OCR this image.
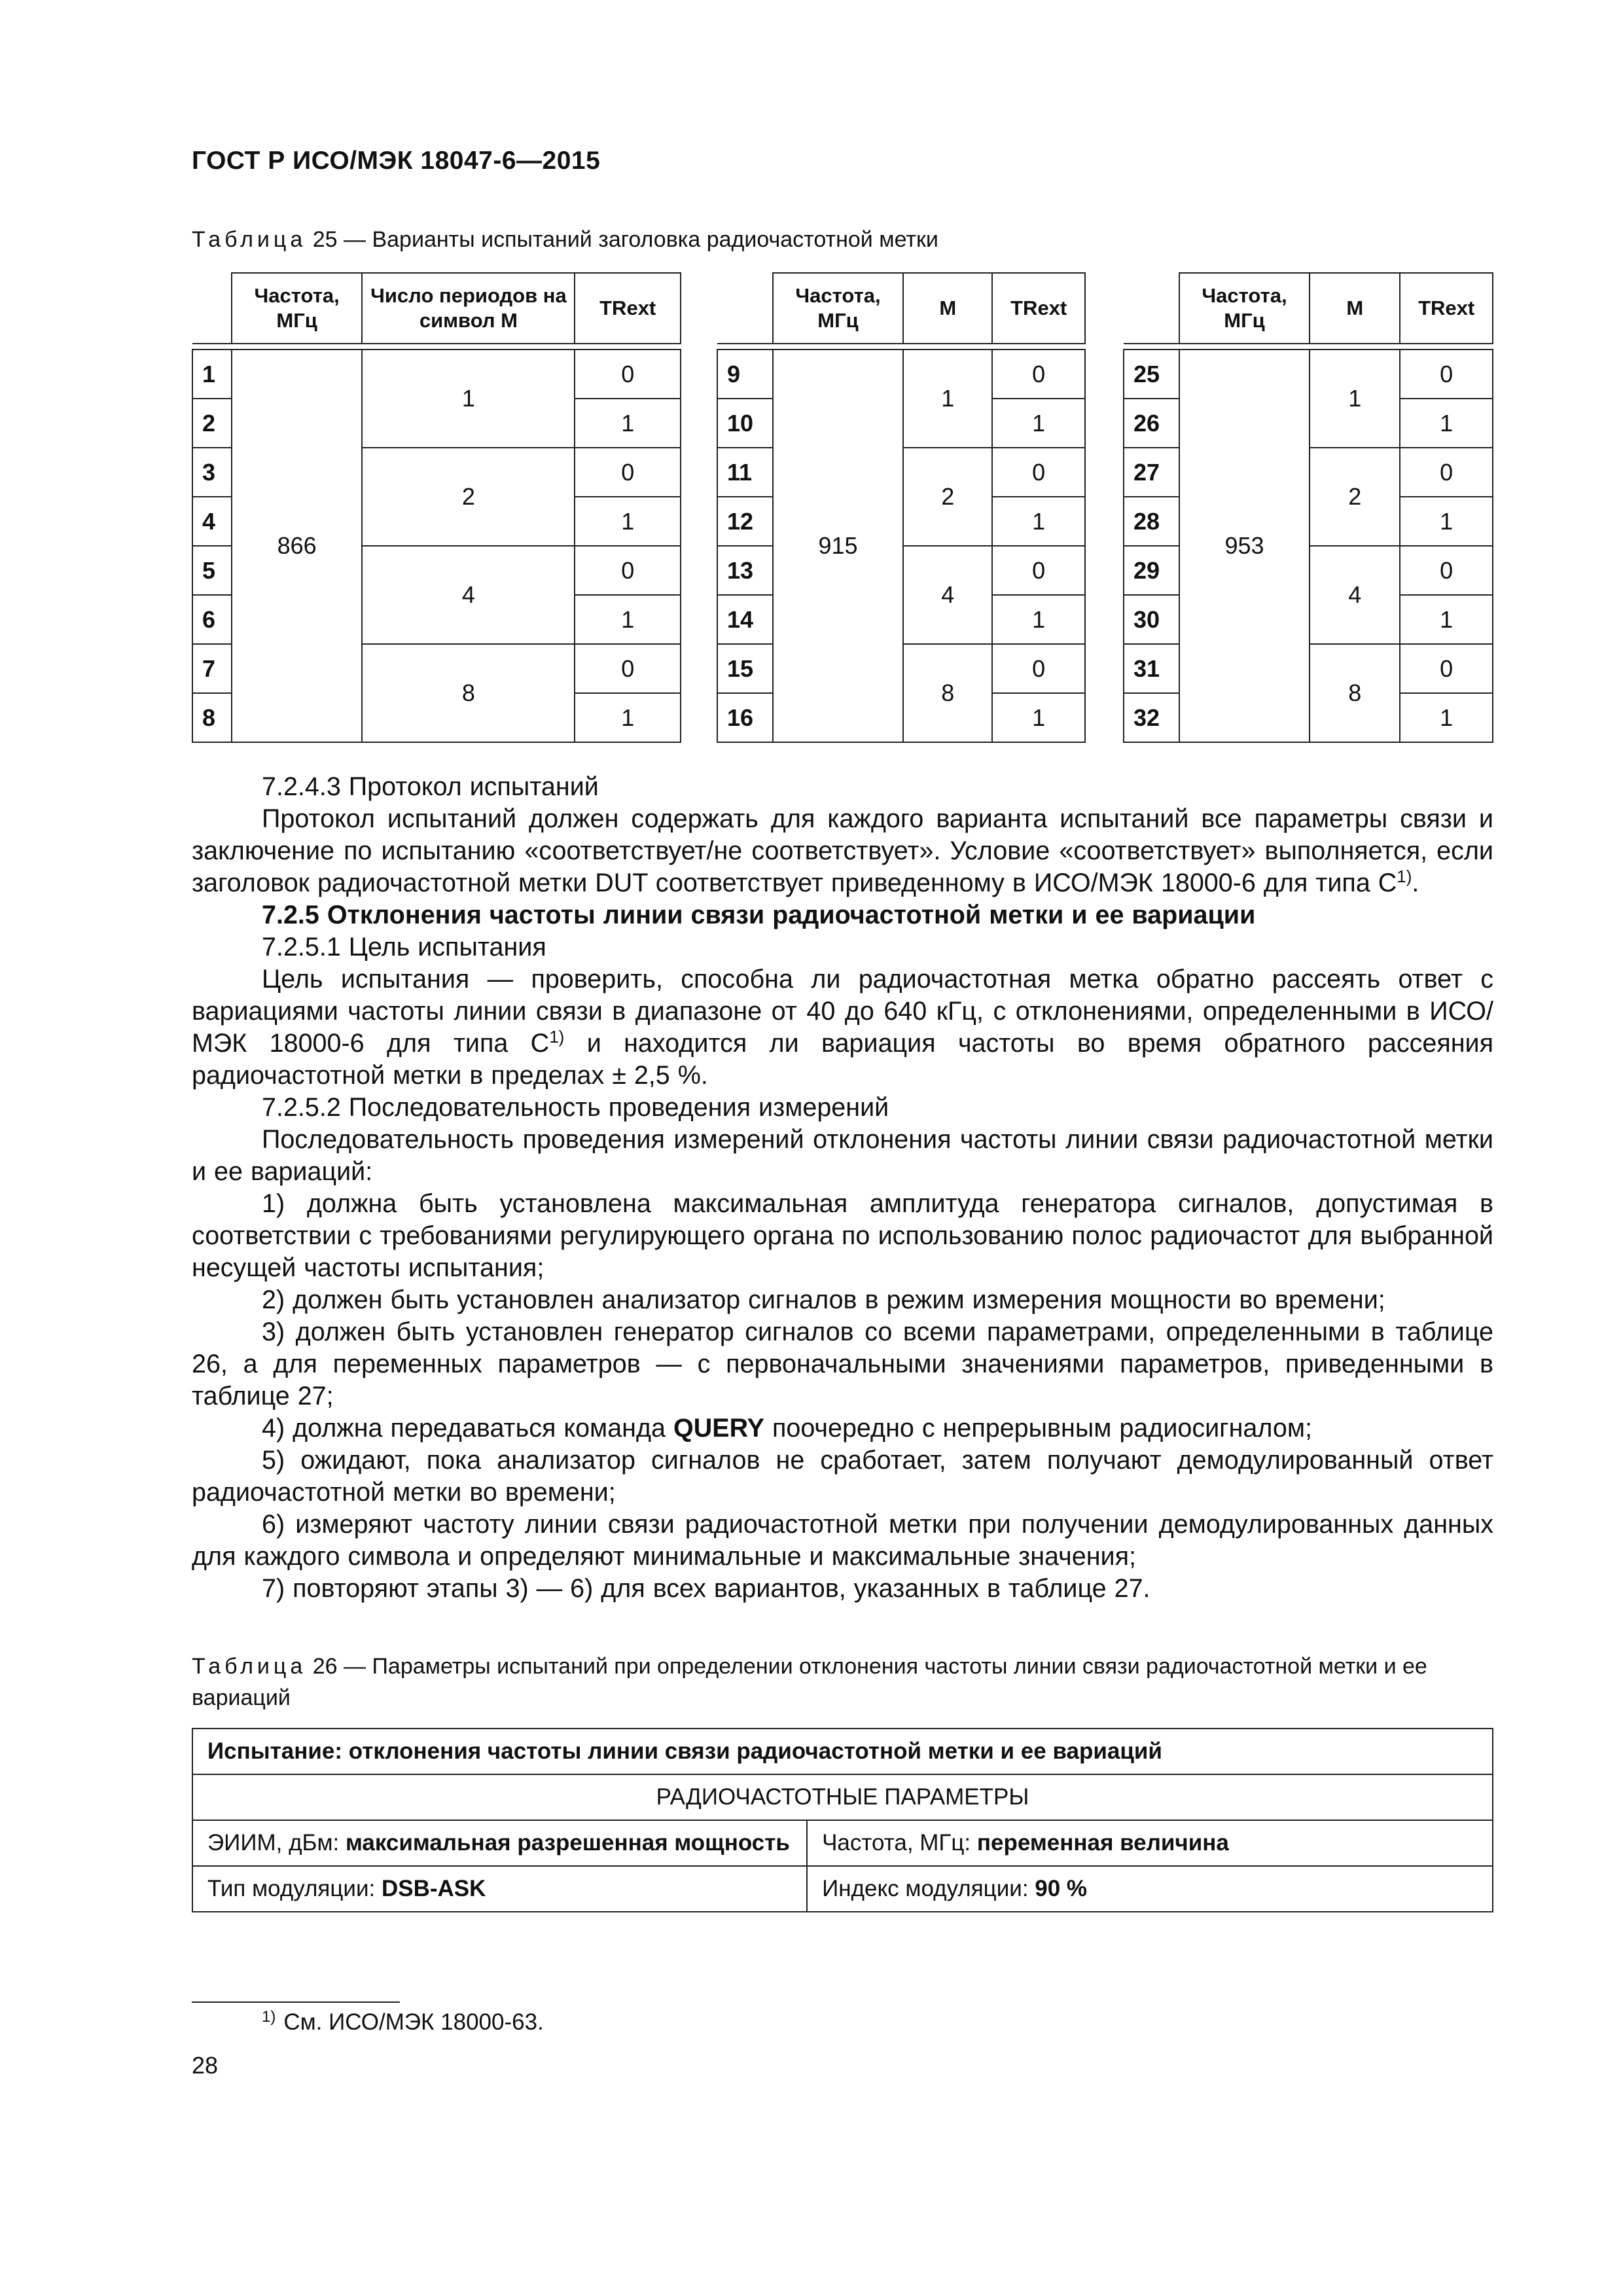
ГОСТ Р ИСО/МЭК 18047-6—2015
Таблица 25 — Варианты испытаний заголовка радиочастотной метки
	Частота, МГц	Число периодов на символ М	TRext

1	866	1	0
2			1
3		2	0
4			1
5		4	0
6			1
7		8	0
8			1
	Частота, МГц	М	TRext

9	915	1	0
10			1
11		2	0
12			1
13		4	0
14			1
15		8	0
16			1
	Частота, МГц	М	TRext

25	953	1	0
26			1
27		2	0
28			1
29		4	0
30			1
31		8	0
32			1

7.2.4.3 Протокол испытаний

Протокол испытаний должен содержать для каждого варианта испытаний все параметры связи и заключение по испытанию «соответствует/не соответствует». Условие «соответствует» выполняется, если заголовок радиочастотной метки DUT соответствует приведенному в ИСО/МЭК 18000-6 для типа $С^{1)}$.

7.2.5 Отклонения частоты линии связи радиочастотной метки и ее вариации

7.2.5.1 Цель испытания

Цель испытания — проверить, способна ли радиочастотная метка обратно рассеять ответ с вариациями частоты линии связи в диапазоне от 40 до 640 кГц, с отклонениями, определенными в ИСО/МЭК 18000-6 для типа $С^{1)}$ и находится ли вариация частоты во время обратного рассеяния радиочастотной метки в пределах ± 2,5 %.

7.2.5.2 Последовательность проведения измерений

Последовательность проведения измерений отклонения частоты линии связи радиочастотной метки и ее вариаций:

1) должна быть установлена максимальная амплитуда генератора сигналов, допустимая в соответствии с требованиями регулирующего органа по использованию полос радиочастот для выбранной несущей частоты испытания;

2) должен быть установлен анализатор сигналов в режим измерения мощности во времени;

3) должен быть установлен генератор сигналов со всеми параметрами, определенными в таблице 26, а для переменных параметров — с первоначальными значениями параметров, приведенными в таблице 27;

4) должна передаваться команда QUERY поочередно с непрерывным радиосигналом;

5) ожидают, пока анализатор сигналов не сработает, затем получают демодулированный ответ радиочастотной метки во времени;

6) измеряют частоту линии связи радиочастотной метки при получении демодулированных данных для каждого символа и определяют минимальные и максимальные значения;

7) повторяют этапы 3) — 6) для всех вариантов, указанных в таблице 27.

Таблица 26 — Параметры испытаний при определении отклонения частоты линии связи радиочастотной метки и ее вариаций
Испытание: отклонения частоты линии связи радиочастотной метки и ее вариаций	
РАДИОЧАСТОТНЫЕ ПАРАМЕТРЫ	
ЭИИМ, дБм: максимальная разрешенная мощность	Частота, МГц: переменная величина
Тип модуляции: DSB-ASK	Индекс модуляции: 90 %
$^{1)}$ См. ИСО/МЭК 18000-63.
28
